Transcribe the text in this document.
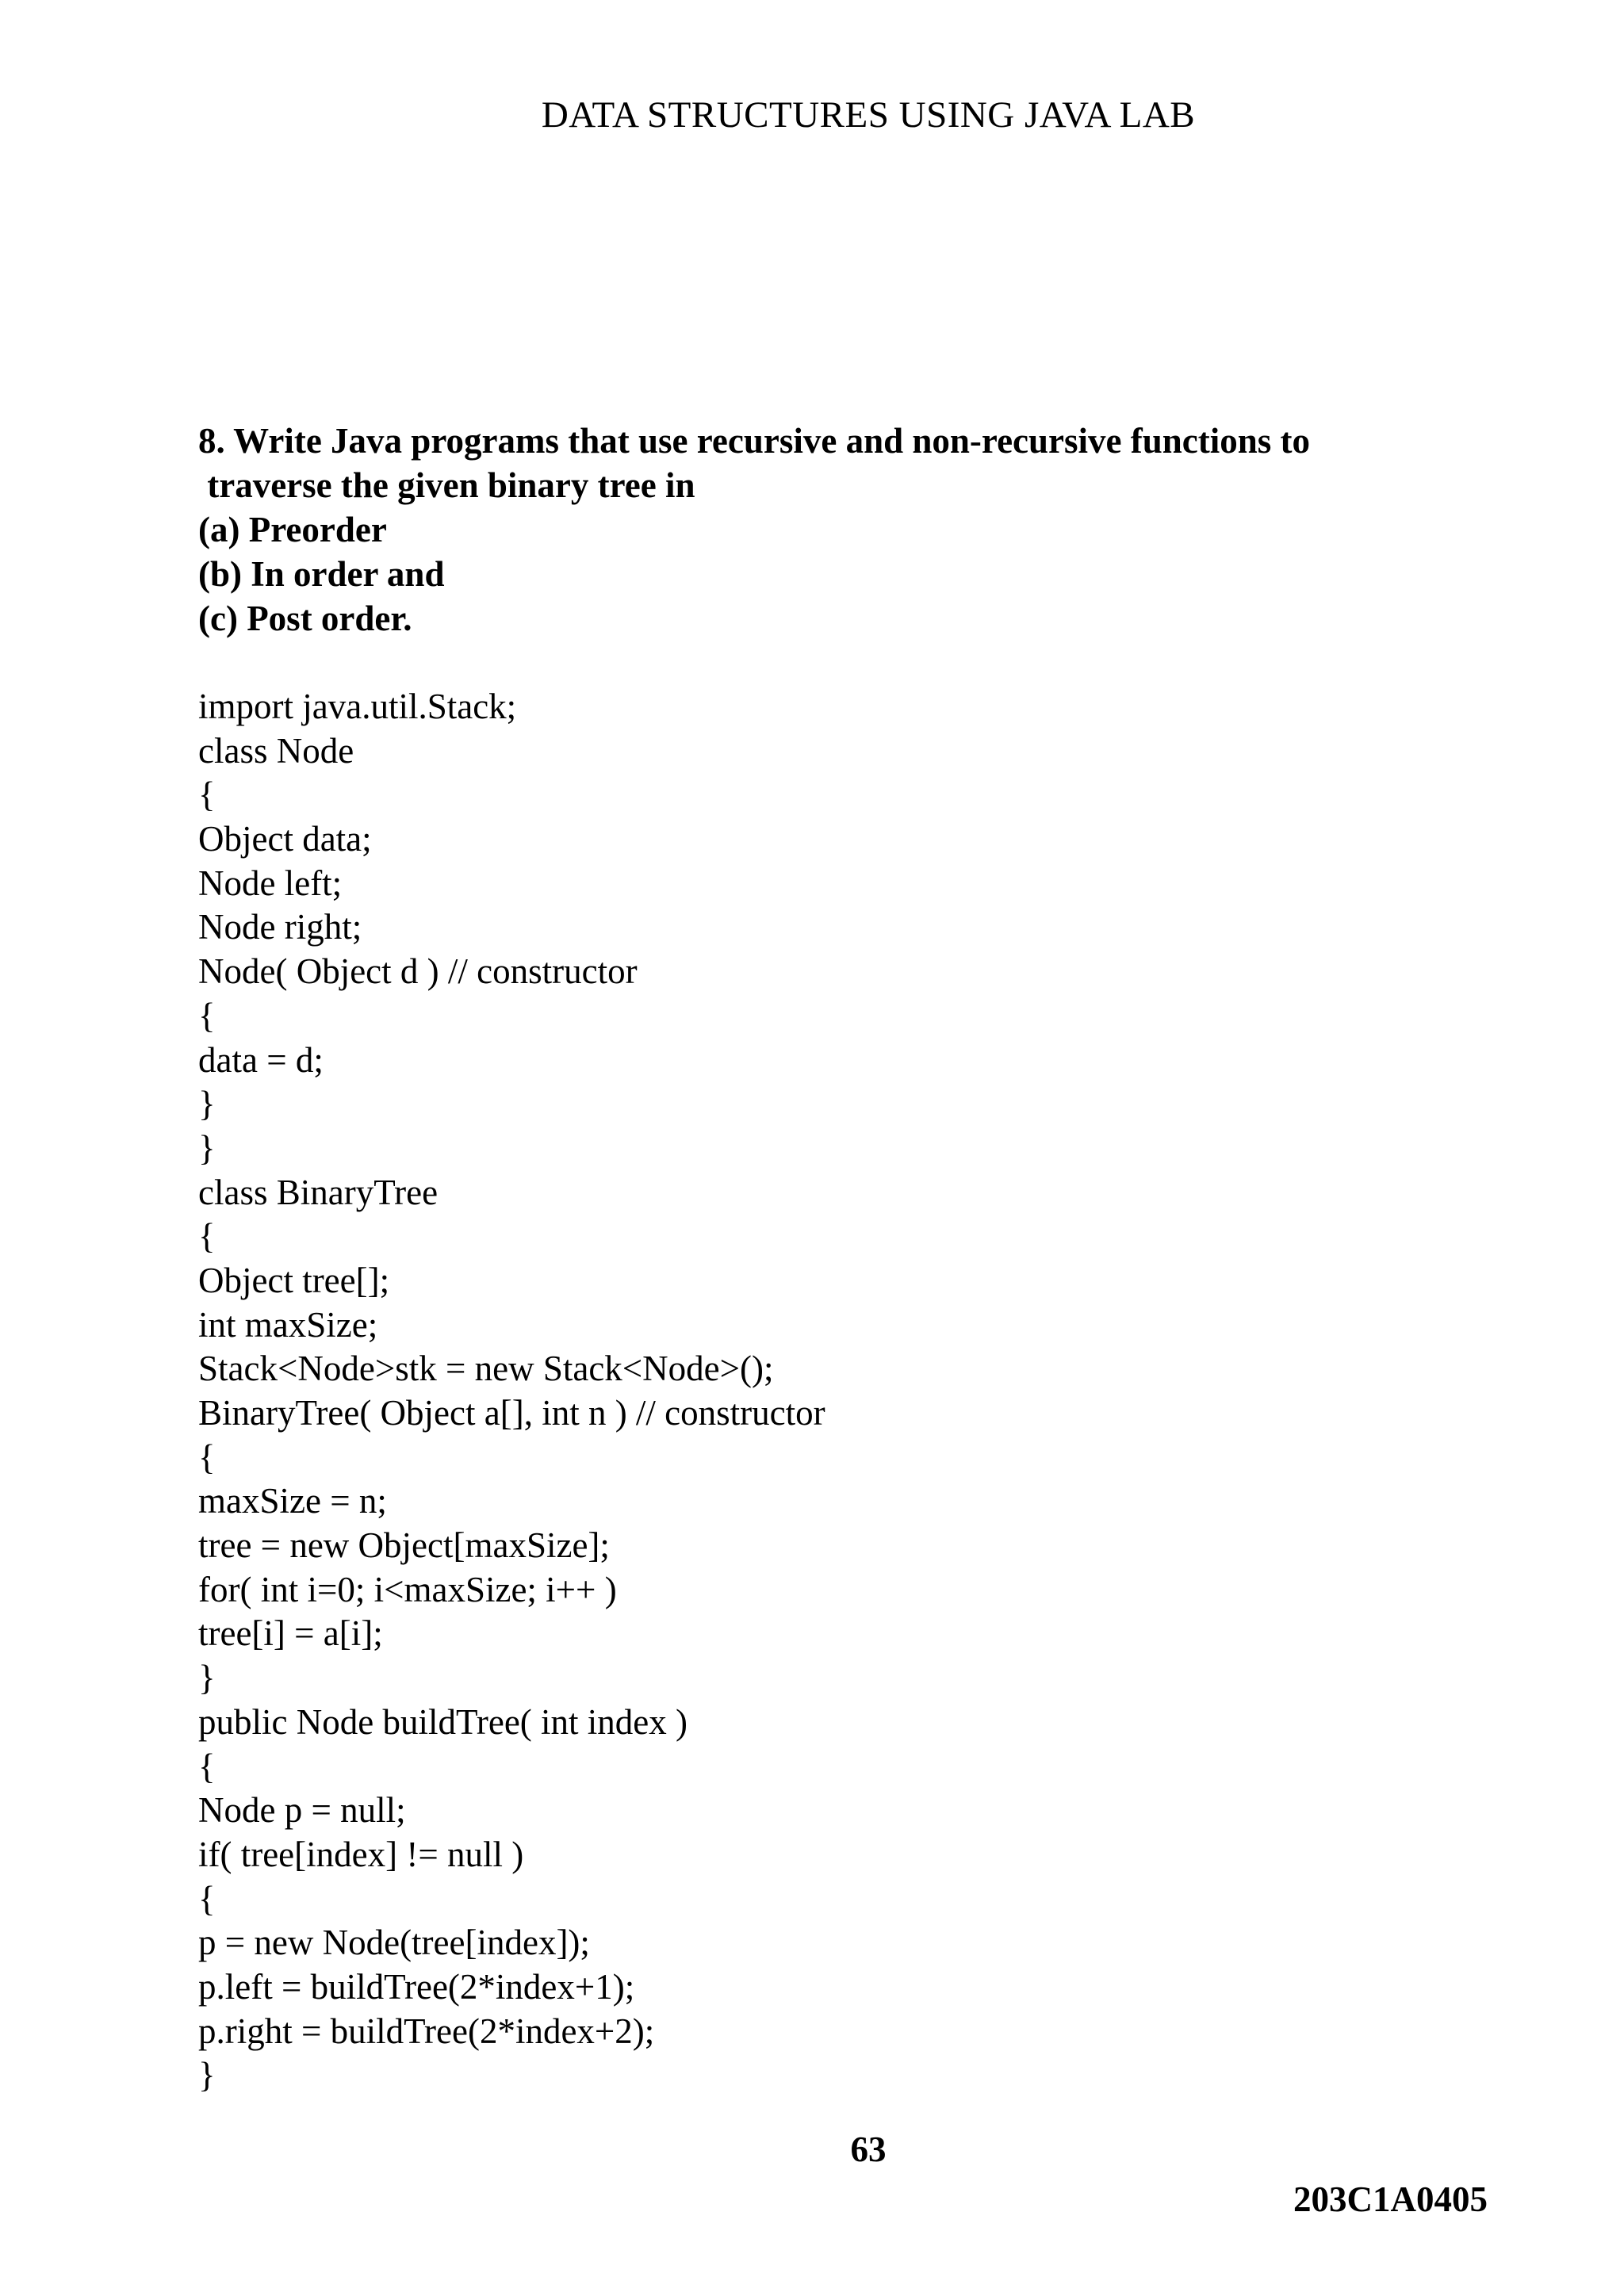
DATA STRUCTURES USING JAVA LAB
8. Write Java programs that use recursive and non-recursive functions to
traverse the given binary tree in
(a) Preorder
(b) In order and
(c) Post order.
import java.util.Stack;
class Node
{
Object data;
Node left;
Node right;
Node( Object d ) // constructor
{
data = d;
}
}
class BinaryTree
{
Object tree[];
int maxSize;
Stack<Node>stk = new Stack<Node>();
BinaryTree( Object a[], int n ) // constructor
{
maxSize = n;
tree = new Object[maxSize];
for( int i=0; i<maxSize; i++ )
tree[i] = a[i];
}
public Node buildTree( int index )
{
Node p = null;
if( tree[index] != null )
{
p = new Node(tree[index]);
p.left = buildTree(2*index+1);
p.right = buildTree(2*index+2);
}
63
203C1A0405
